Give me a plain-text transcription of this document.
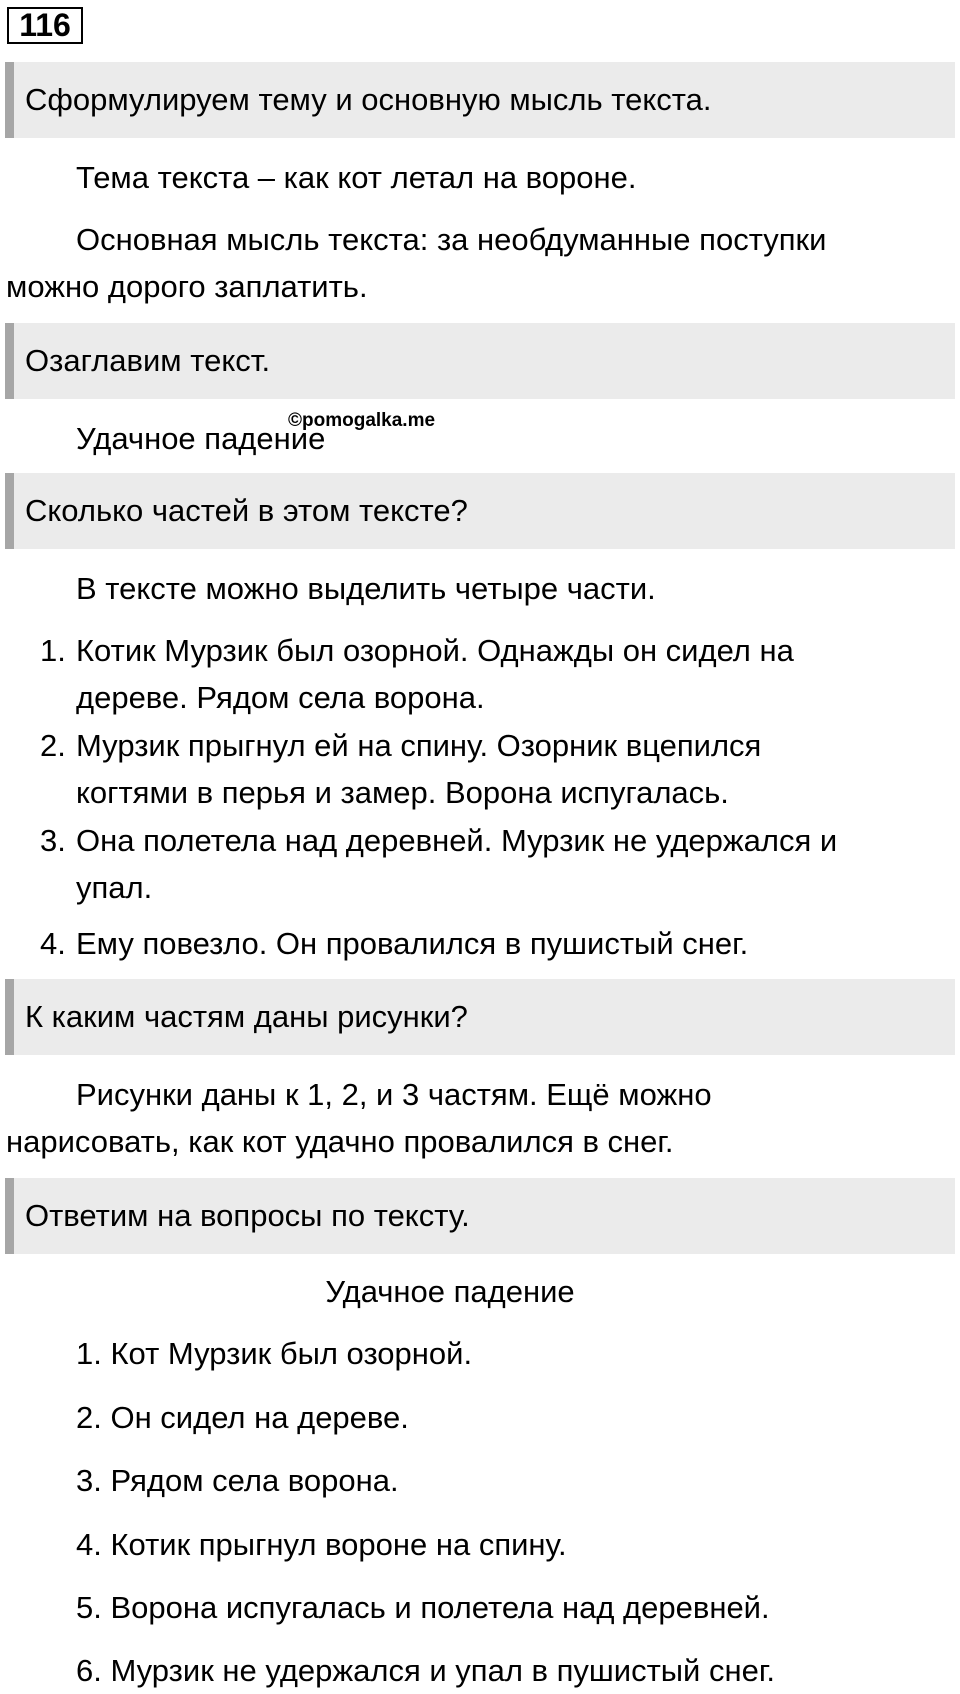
116
Сформулируем тему и основную мысль текста.
Тема текста – как кот летал на вороне.
Основная мысль текста: за необдуманные поступки
можно дорого заплатить.
Озаглавим текст.
Удачное падение
©pomogalka.me
Сколько частей в этом тексте?
В тексте можно выделить четыре части.
1. Котик Мурзик был озорной. Однажды он сидел на
дереве. Рядом села ворона.
2. Мурзик прыгнул ей на спину. Озорник вцепился
когтями в перья и замер. Ворона испугалась.
3. Она полетела над деревней. Мурзик не удержался и
упал.
4. Ему повезло. Он провалился в пушистый снег.
К каким частям даны рисунки?
Рисунки даны к 1, 2, и 3 частям. Ещё можно
нарисовать, как кот удачно провалился в снег.
Ответим на вопросы по тексту.
Удачное падение
1. Кот Мурзик был озорной.
2. Он сидел на дереве.
3. Рядом села ворона.
4. Котик прыгнул вороне на спину.
5. Ворона испугалась и полетела над деревней.
6. Мурзик не удержался и упал в пушистый снег.
